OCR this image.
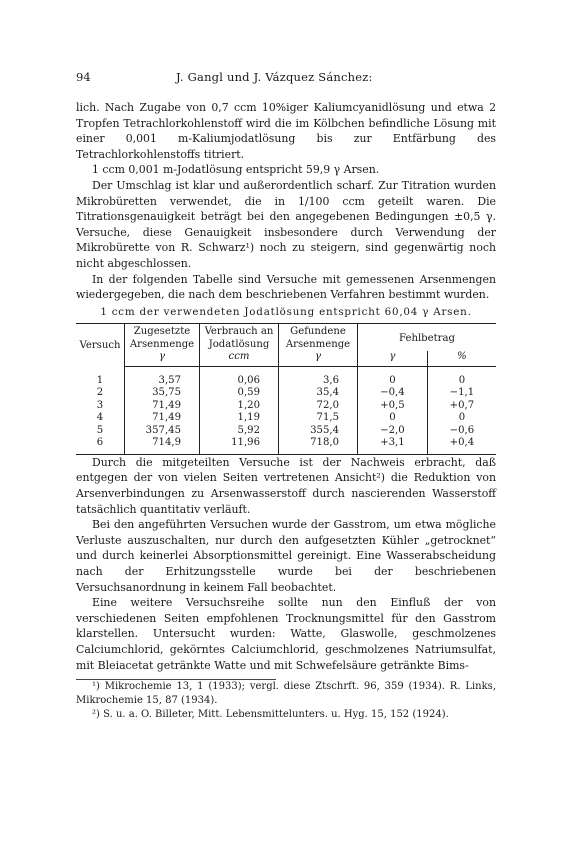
94	J. Gangl und J. Vázquez Sánchez:

lich. Nach Zugabe von 0,7 ccm 10%iger Kaliumcyanidlösung und etwa 2 Tropfen Tetrachlorkohlenstoff wird die im Kölbchen befindliche Lösung mit einer 0,001 m-Kaliumjodatlösung bis zur Entfärbung des Tetrachlorkohlenstoffs titriert.

1 ccm 0,001 m-Jodatlösung entspricht 59,9 γ Arsen.

Der Umschlag ist klar und außerordentlich scharf. Zur Titration wurden Mikrobüretten verwendet, die in 1/100 ccm geteilt waren. Die Titrationsgenauigkeit beträgt bei den angegebenen Bedingungen ±0,5 γ. Versuche, diese Genauigkeit insbesondere durch Verwendung der Mikrobürette von R. Schwarz¹) noch zu steigern, sind gegenwärtig noch nicht abgeschlossen.

In der folgenden Tabelle sind Versuche mit gemessenen Arsenmengen wiedergegeben, die nach dem beschriebenen Verfahren bestimmt wurden.

1 ccm der verwendeten Jodatlösung entspricht 60,04 γ Arsen.
Versuch	Zugesetzte Arsenmenge	Verbrauch an Jodatlösung	Gefundene Arsenmenge	Fehlbetrag	
	γ	ccm	γ	γ	%
1	3,57	0,06	3,6	0	0
2	35,75	0,59	35,4	−0,4	−1,1
3	71,49	1,20	72,0	+0,5	+0,7
4	71,49	1,19	71,5	0	0
5	357,45	5,92	355,4	−2,0	−0,6
6	714,9	11,96	718,0	+3,1	+0,4

Durch die mitgeteilten Versuche ist der Nachweis erbracht, daß entgegen der von vielen Seiten vertretenen Ansicht²) die Reduktion von Arsenverbindungen zu Arsenwasserstoff durch nascierenden Wasserstoff tatsächlich quantitativ verläuft.

Bei den angeführten Versuchen wurde der Gasstrom, um etwa mögliche Verluste auszuschalten, nur durch den aufgesetzten Kühler „getrocknet“ und durch keinerlei Absorptionsmittel gereinigt. Eine Wasserabscheidung nach der Erhitzungsstelle wurde bei der beschriebenen Versuchsanordnung in keinem Fall beobachtet.

Eine weitere Versuchsreihe sollte nun den Einfluß der von verschiedenen Seiten empfohlenen Trocknungsmittel für den Gasstrom klarstellen. Untersucht wurden: Watte, Glaswolle, geschmolzenes Calciumchlorid, gekörntes Calciumchlorid, geschmolzenes Natriumsulfat, mit Bleiacetat getränkte Watte und mit Schwefelsäure getränkte Bims-

¹) Mikrochemie 13, 1 (1933); vergl. diese Ztschrft. 96, 359 (1934). R. Links, Mikrochemie 15, 87 (1934).

²) S. u. a. O. Billeter, Mitt. Lebensmittelunters. u. Hyg. 15, 152 (1924).
